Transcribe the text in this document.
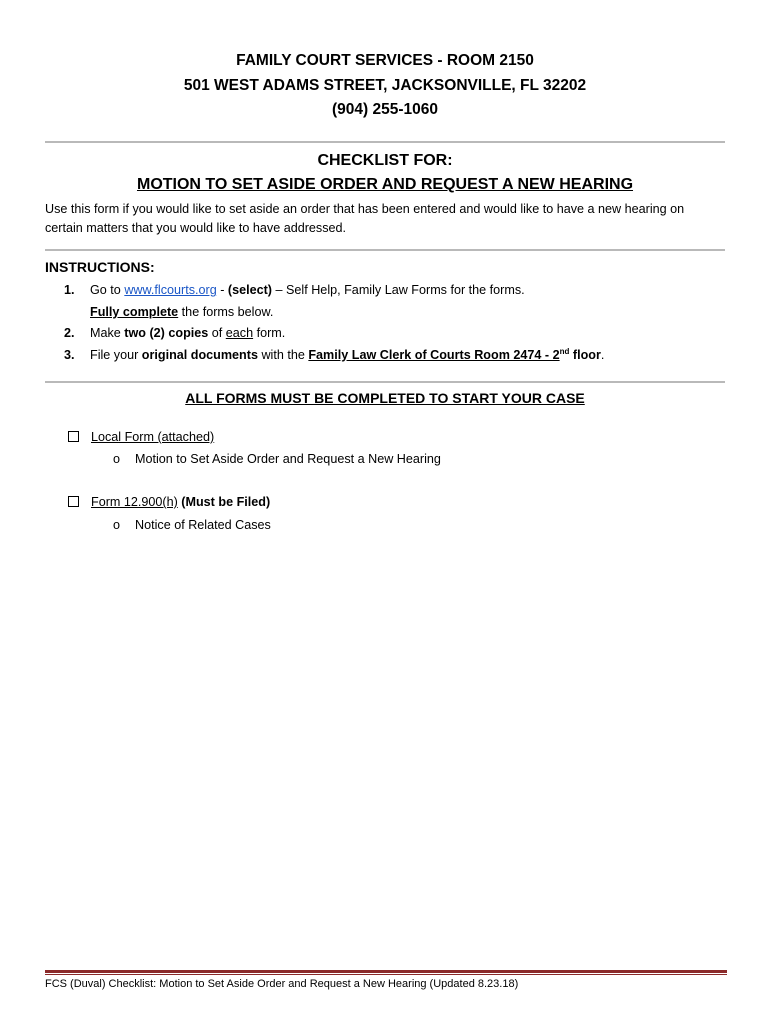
FAMILY COURT SERVICES - ROOM 2150
501 WEST ADAMS STREET, JACKSONVILLE, FL 32202
(904) 255-1060
CHECKLIST FOR:
MOTION TO SET ASIDE ORDER AND REQUEST A NEW HEARING
Use this form if you would like to set aside an order that has been entered and would like to have a new hearing on certain matters that you would like to have addressed.
INSTRUCTIONS:
1. Go to www.flcourts.org - (select) – Self Help, Family Law Forms for the forms.
Fully complete the forms below.
2. Make two (2) copies of each form.
3. File your original documents with the Family Law Clerk of Courts Room 2474 - 2nd floor.
ALL FORMS MUST BE COMPLETED TO START YOUR CASE
Local Form (attached)
o Motion to Set Aside Order and Request a New Hearing
Form 12.900(h) (Must be Filed)
o Notice of Related Cases
FCS (Duval) Checklist: Motion to Set Aside Order and Request a New Hearing (Updated 8.23.18)
